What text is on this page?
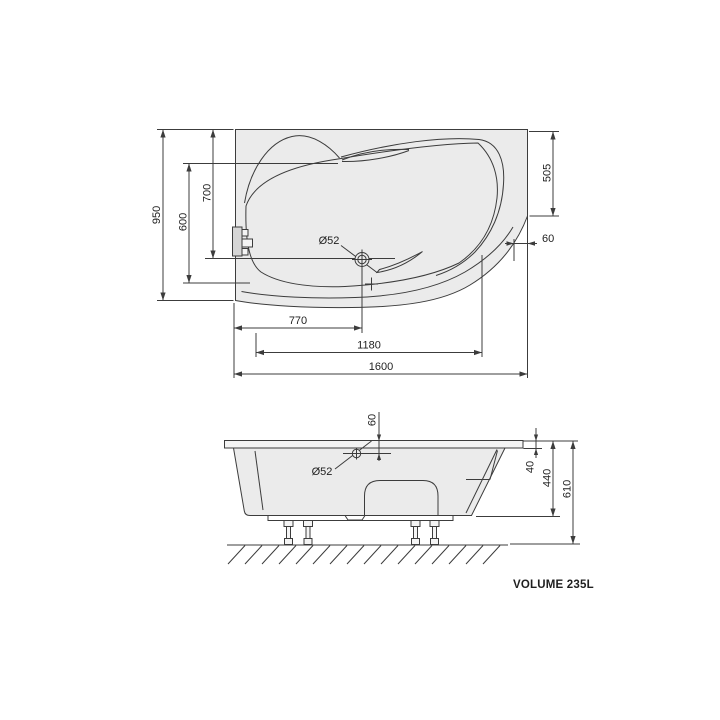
950
700
600
505
60
770
1180
1600
Ø52
Ø52
60
40
440
610
VOLUME 235L
